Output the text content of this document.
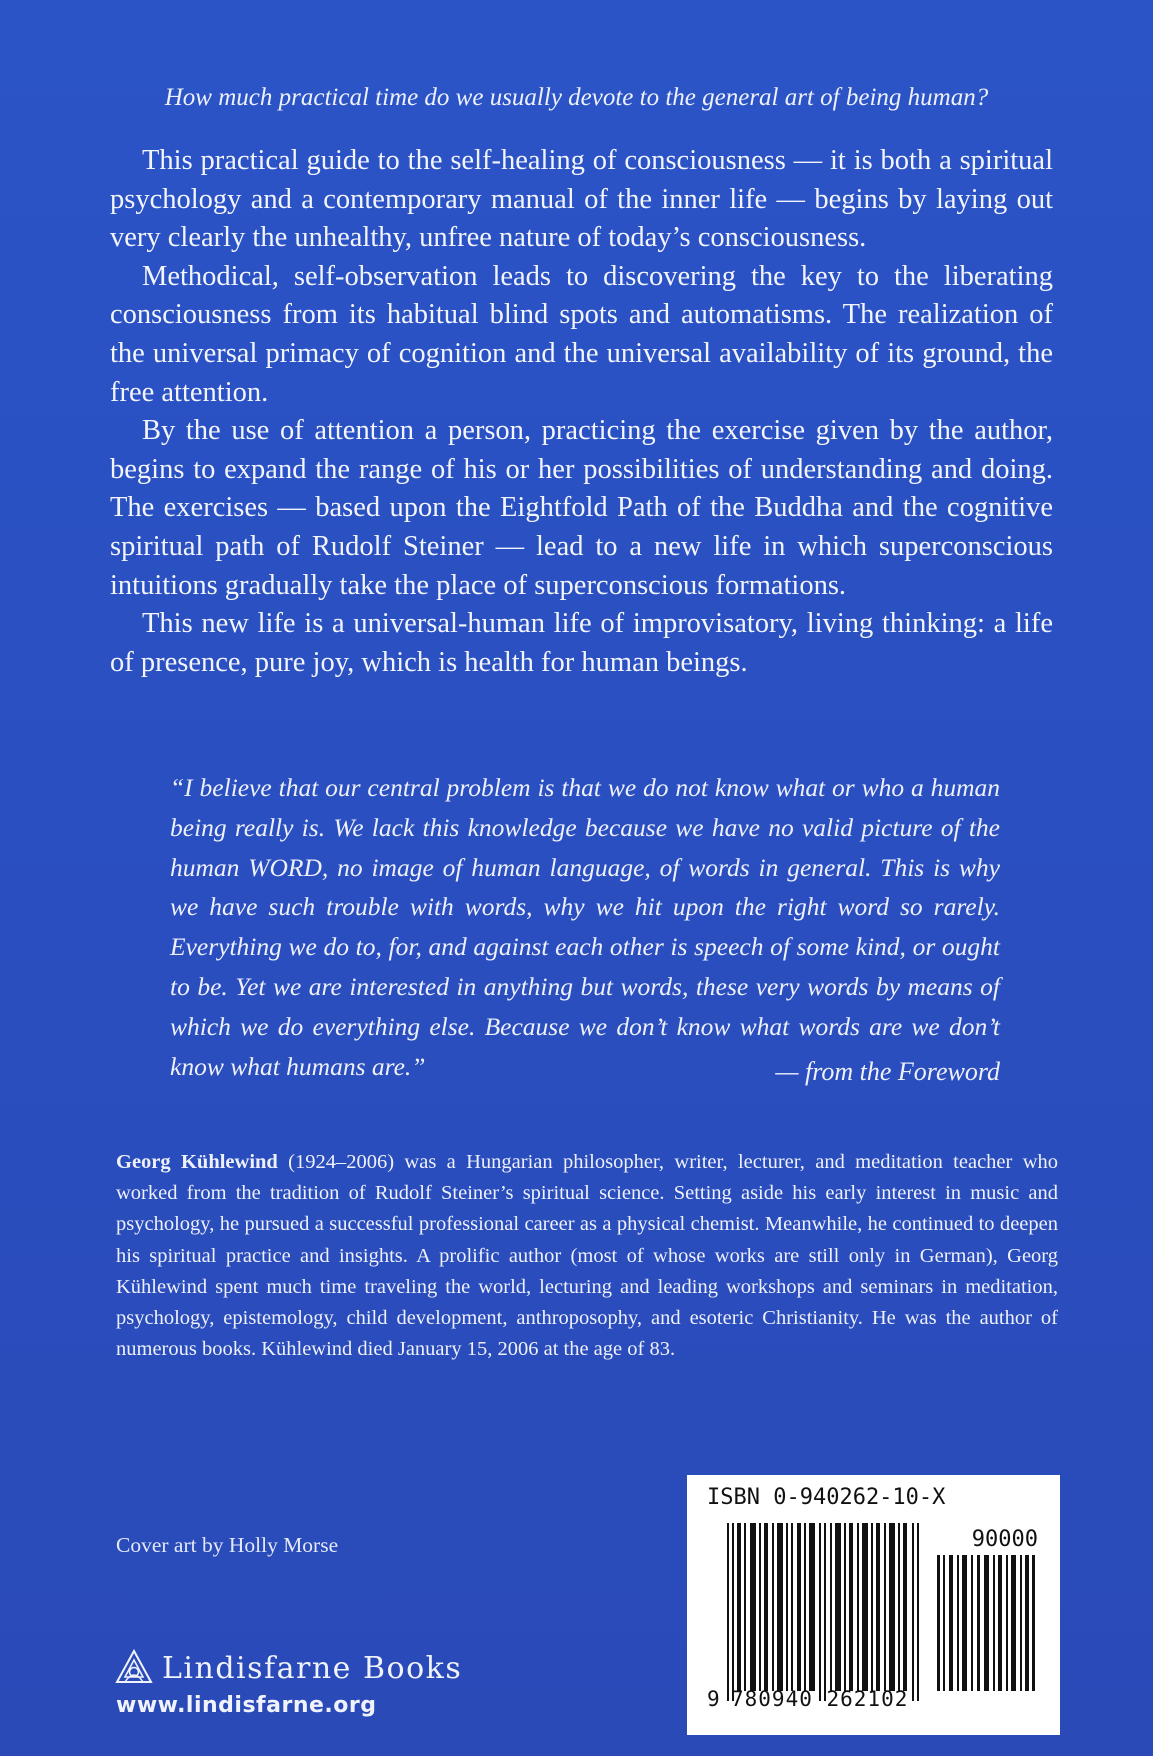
How much practical time do we usually devote to the general art of being human?

This practical guide to the self-healing of consciousness — it is both a spiritual psychology and a contemporary manual of the inner life — begins by laying out very clearly the unhealthy, unfree nature of today’s consciousness.

Methodical, self-observation leads to discovering the key to the liberating consciousness from its habitual blind spots and automatisms. The realization of the universal primacy of cognition and the universal availability of its ground, the free attention.

By the use of attention a person, practicing the exercise given by the author, begins to expand the range of his or her possibilities of understanding and doing. The exercises — based upon the Eightfold Path of the Buddha and the cognitive spiritual path of Rudolf Steiner — lead to a new life in which superconscious intuitions gradually take the place of superconscious formations.

This new life is a universal-human life of improvisatory, living thinking: a life of presence, pure joy, which is health for human beings.

“I believe that our central problem is that we do not know what or who a human being really is. We lack this knowledge because we have no valid picture of the human WORD, no image of human language, of words in general. This is why we have such trouble with words, why we hit upon the right word so rarely. Everything we do to, for, and against each other is speech of some kind, or ought to be. Yet we are interested in anything but words, these very words by means of which we do everything else. Because we don’t know what words are we don’t know what humans are.”	— from the Foreword
Georg Kühlewind (1924–2006) was a Hungarian philosopher, writer, lecturer, and meditation teacher who worked from the tradition of Rudolf Steiner’s spiritual science. Setting aside his early interest in music and psychology, he pursued a successful professional career as a physical chemist. Meanwhile, he continued to deepen his spiritual practice and insights. A prolific author (most of whose works are still only in German), Georg Kühlewind spent much time traveling the world, lecturing and leading workshops and seminars in meditation, psychology, epistemology, child development, anthroposophy, and esoteric Christianity. He was the author of numerous books. Kühlewind died January 15, 2006 at the age of 83.
Cover art by Holly Morse
Lindisfarne Books
www.lindisfarne.org
ISBN 0-940262-10-X
90000
9 780940 262102
